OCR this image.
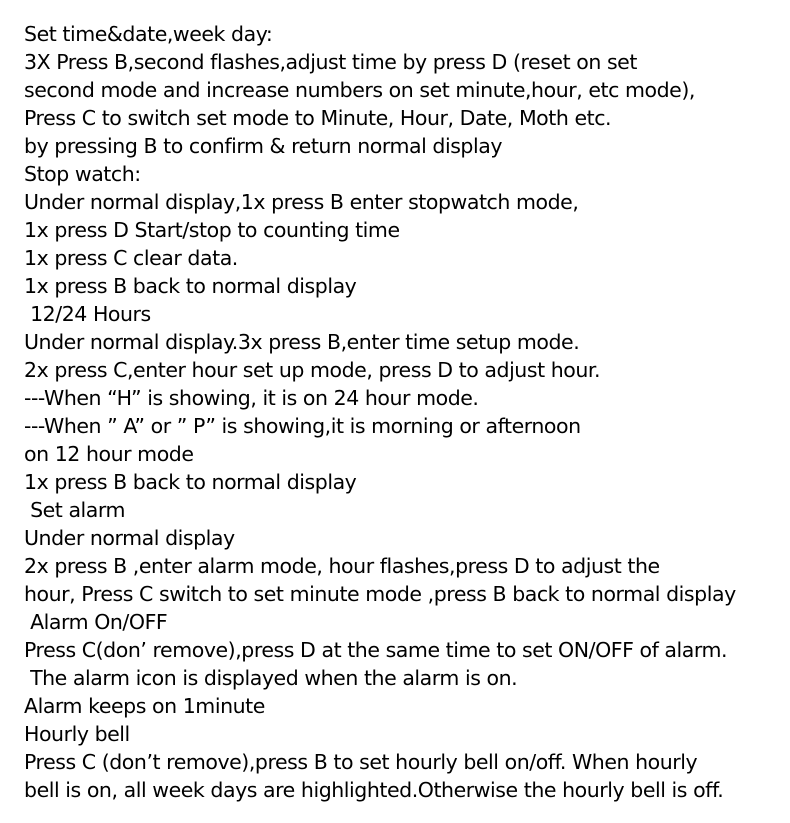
Set time&date,week day:
3X Press B,second flashes,adjust time by press D (reset on set
second mode and increase numbers on set minute,hour, etc mode),
Press C to switch set mode to Minute, Hour, Date, Moth etc.
by pressing B to confirm & return normal display
Stop watch:
Under normal display,1x press B enter stopwatch mode,
1x press D Start/stop to counting time
1x press C clear data.
1x press B back to normal display
12/24 Hours
Under normal display.3x press B,enter time setup mode.
2x press C,enter hour set up mode, press D to adjust hour.
---When “H” is showing, it is on 24 hour mode.
---When ” A” or ” P” is showing,it is morning or afternoon
on 12 hour mode
1x press B back to normal display
Set alarm
Under normal display
2x press B ,enter alarm mode, hour flashes,press D to adjust the
hour, Press C switch to set minute mode ,press B back to normal display
Alarm On/OFF
Press C(don’ remove),press D at the same time to set ON/OFF of alarm.
The alarm icon is displayed when the alarm is on.
Alarm keeps on 1minute
Hourly bell
Press C (don’t remove),press B to set hourly bell on/off. When hourly
bell is on, all week days are highlighted.Otherwise the hourly bell is off.
